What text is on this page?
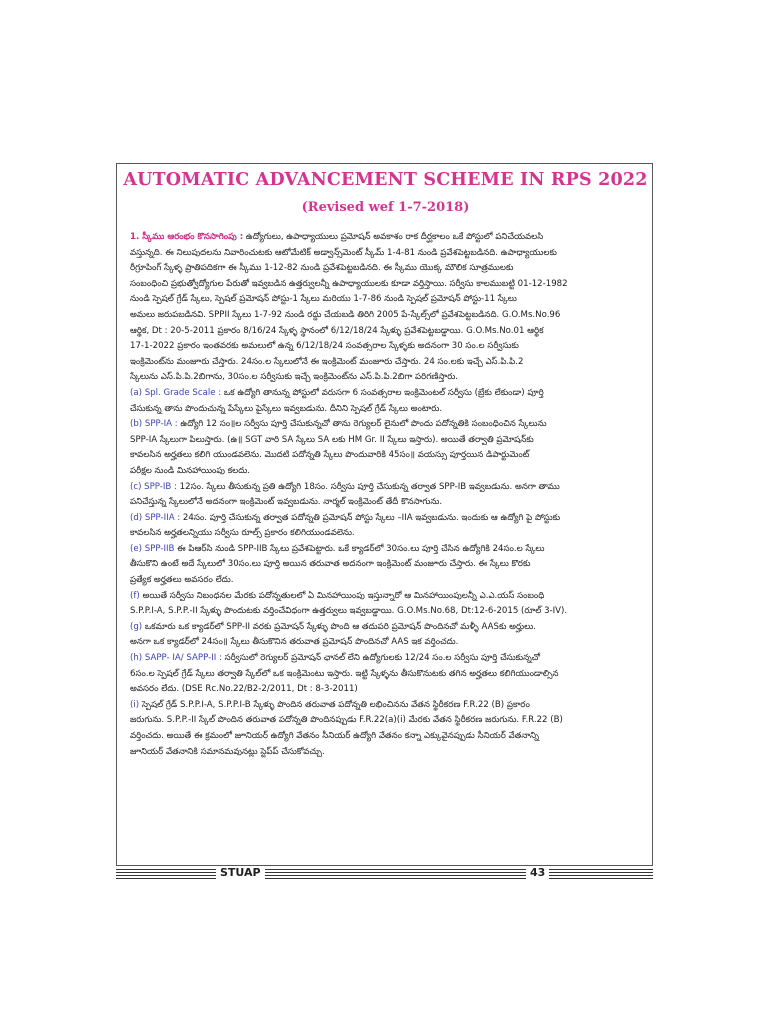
AUTOMATIC ADVANCEMENT SCHEME IN RPS 2022
(Revised wef 1-7-2018)
1. స్కీము ఆరంభం కొనసాగింపు : ఉద్యోగులు, ఉపాధ్యాయులు ప్రమోషన్ అవకాశం రాక దీర్ఘకాలం ఒకే పోస్టులో పనిచేయవలసి
వస్తున్నది. ఈ నిలుపుదలను నివారించుటకు ఆటోమేటిక్ అడ్వాన్స్‌మెంట్ స్కీమ్ 1-4-81 నుండి ప్రవేశపెట్టబడినది. ఉపాధ్యాయులకు
రీగ్రూపింగ్ స్కేళ్ళ ప్రాతిపదికగా ఈ స్కీము 1-12-82 నుండి ప్రవేశపెట్టబడినది. ఈ స్కీము యొక్క మౌలిక సూత్రములకు
సంబంధించి ప్రభుత్వోద్యోగుల పేరుతో ఇవ్వబడిన ఉత్తర్వులన్నీ ఉపాధ్యాయులకు కూడా వర్తిస్తాయి. సర్వీసు కాలముబట్టి 01-12-1982
నుండి స్పెషల్ గ్రేడ్ స్కేలు, స్పెషల్ ప్రమోషన్ పోస్టు-1 స్కేలు మరియు 1-7-86 నుండి స్పెషల్ ప్రమోషన్ పోస్టు-11 స్కేలు
అమలు జరుపబడినవి. SPPII స్కేలు 1-7-92 నుండి రద్దు చేయబడి తిరిగి 2005 పే-స్కేల్స్‌లో ప్రవేశపెట్టబడినది. G.O.Ms.No.96
ఆర్థిక, Dt : 20-5-2011 ప్రకారం 8/16/24 స్కేళ్ళ స్థానంలో 6/12/18/24 స్కేళ్ళు ప్రవేశపెట్టబడ్డాయి. G.O.Ms.No.01 ఆర్థిక
17-1-2022 ప్రకారం ఇంతవరకు అమలులో ఉన్న 6/12/18/24 సంవత్సరాల స్కేళ్ళకు అదనంగా 30 సం.ల సర్వీసుకు
ఇంక్రిమెంట్‌ను మంజూరు చేస్తారు. 24సం.ల స్కేలులోనే ఈ ఇంక్రిమెంట్ మంజూరు చేస్తారు. 24 సం.లకు ఇచ్చే ఎస్.పి.పి.2
స్కేలును ఎస్.పి.పి.2బిగాను, 30సం.ల సర్వీసుకు ఇచ్చే ఇంక్రిమెంట్‌ను ఎస్.పి.పి.2బిగా పరిగణిస్తారు.
(a) Spl. Grade Scale : ఒక ఉద్యోగి తానున్న పోస్టులో వరుసగా 6 సంవత్సరాల ఇంక్రిమెంటల్ సర్వీసు (బ్రేకు లేకుండా) పూర్తి
చేసుకున్న తాను పొందుచున్న పేస్కేలు పైస్కేలు ఇవ్వబడును. దీనిని స్పెషల్ గ్రేడ్ స్కేలు అంటారు.
(b) SPP-IA : ఉద్యోగి 12 సం॥ల సర్వీసు పూర్తి చేసుకున్నచో తాను రెగ్యులర్ లైనులో పొందు పదోన్నతికి సంబంధించిన స్కేలును
SPP-IA స్కేలుగా పిలుస్తారు. (ఉ॥ SGT వారి SA స్కేలు SA లకు HM Gr. II స్కేలు ఇస్తారు). అయితే తర్వాతి ప్రమోషన్‌కు
కావలసిన అర్హతలు కలిగి యుండవలెను. మొదటి పదోన్నతి స్కేలు పొందువారికి 45సం॥ వయస్సు పూర్తయిన డిపార్టుమెంట్
పరీక్షల నుండి మినహాయింపు కలదు.
(c) SPP-IB : 12సం. స్కేలు తీసుకున్న ప్రతి ఉద్యోగి 18సం. సర్వీసు పూర్తి చేసుకున్న తర్వాత SPP-IB ఇవ్వబడును. అనగా తాము
పనిచేస్తున్న స్కేలులోనే అదనంగా ఇంక్రిమెంట్ ఇవ్వబడును. నార్మల్ ఇంక్రిమెంట్ తేదీ కొనసాగును.
(d) SPP-IIA : 24సం. పూర్తి చేసుకున్న తర్వాత పదోన్నతి ప్రమోషన్ పోస్టు స్కేలు –IIA ఇవ్వబడును. ఇందుకు ఆ ఉద్యోగి పై పోస్టుకు
కావలసిన అర్హతలన్నియు సర్వీసు రూల్స్ ప్రకారం కలిగియుండవలెను.
(e) SPP-IIB ఈ పిఆర్‌సి నుండి SPP-IIB స్కేలు ప్రవేశపెట్టారు. ఒకే క్యాడర్‌లో 30సం.లు పూర్తి చేసిన ఉద్యోగికి 24సం.ల స్కేలు
తీసుకొని ఉంటే అదే స్కేలులో 30సం.లు పూర్తి అయిన తరువాత అదనంగా ఇంక్రిమెంట్ మంజూరు చేస్తారు. ఈ స్కేలు కొరకు
ప్రత్యేక అర్హతలు అవసరం లేదు.
(f) అయితే సర్వీసు నిబంధనల మేరకు పదోన్నతులలో ఏ మినహాయింపు ఇస్తున్నారో ఆ మినహాయింపులన్నీ ఎ.ఎ.యస్ సంబంధి
S.P.P.I-A, S.P.P.-II స్కేళ్ళు పొందుటకు వర్తించేవిధంగా ఉత్తర్వులు ఇవ్వబడ్డాయి. G.O.Ms.No.68, Dt:12-6-2015 (రూల్ 3-IV).
(g) ఒకమారు ఒక క్యాడర్‌లో SPP-II వరకు ప్రమోషన్ స్కేళ్ళు పొంది ఆ తదుపరి ప్రమోషన్ పొందినచో మళ్ళీ AASకు అర్హులు.
అనగా ఒక క్యాడర్‌లో 24సం॥ స్కేలు తీసుకొనిన తరువాత ప్రమోషన్ పొందినచో AAS ఇక వర్తించదు.
(h) SAPP- IA/ SAPP-II : సర్వీసులో రెగ్యులర్ ప్రమోషన్ ఛానల్ లేని ఉద్యోగులకు 12/24 సం.ల సర్వీసు పూర్తి చేసుకున్నచో
6సం.ల స్పెషల్ గ్రేడ్ స్కేలు తర్వాతి స్కేల్‌లో ఒక ఇంక్రిమెంటు ఇస్తారు. ఇట్టి స్కేళ్ళను తీసుకొనుటకు తగిన అర్హతలు కలిగియుండాల్సిన
అవసరం లేదు. (DSE Rc.No.22/B2-2/2011, Dt : 8-3-2011)
(i) స్పెషల్ గ్రేడ్ S.P.P.I-A, S.P.P.I-B స్కేళ్ళు పొందిన తరువాత పదోన్నతి లభించినను వేతన స్థిరీకరణ F.R.22 (B) ప్రకారం
జరుగును. S.P.P.-II స్కేల్ పొందిన తరువాత పదోన్నతి పొందినప్పుడు F.R.22(a)(i) మేరకు వేతన స్థిరీకరణ జరుగును. F.R.22 (B)
వర్తించదు. అయితే ఈ క్రమంలో జూనియర్ ఉద్యోగి వేతనం సీనియర్ ఉద్యోగి వేతనం కన్నా ఎక్కువైనప్పుడు సీనియర్ వేతనాన్ని
జూనియర్ వేతనానికి సమానమవునట్లు స్టెప్‌ప్ చేసుకోవచ్చు.
STUAP	43
